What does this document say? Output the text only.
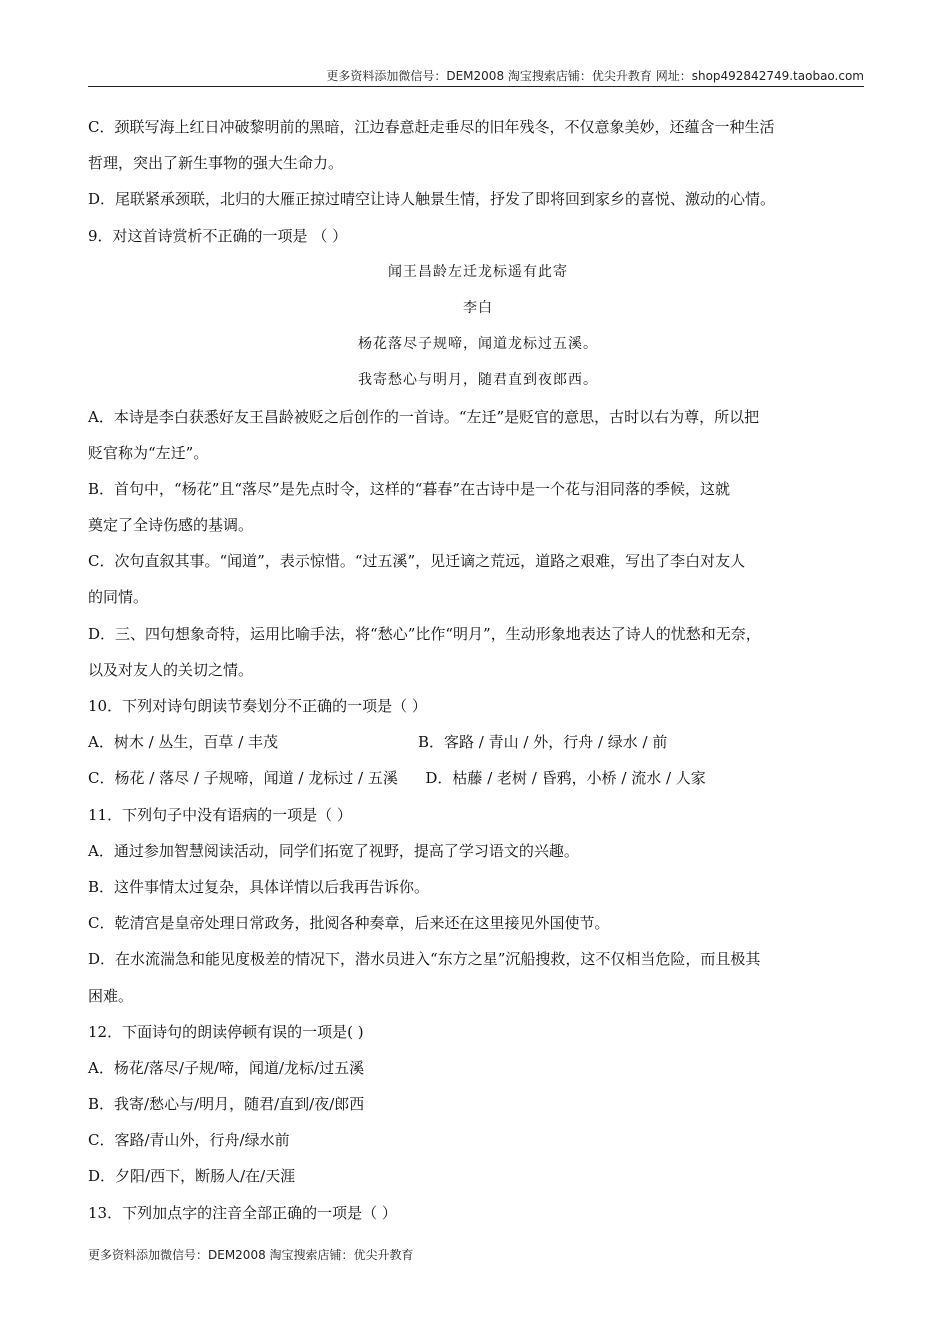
更多资料添加微信号：DEM2008 淘宝搜索店铺：优尖升教育 网址：shop492842749.taobao.com
C．颈联写海上红日冲破黎明前的黑暗，江边春意赶走垂尽的旧年残冬，不仅意象美妙，还蕴含一种生活
哲理，突出了新生事物的强大生命力。
D．尾联紧承颈联，北归的大雁正掠过晴空让诗人触景生情，抒发了即将回到家乡的喜悦、激动的心情。
9．对这首诗赏析不正确的一项是 （ ）
闻王昌龄左迁龙标遥有此寄
李白
杨花落尽子规啼，闻道龙标过五溪。
我寄愁心与明月，随君直到夜郎西。
A．本诗是李白获悉好友王昌龄被贬之后创作的一首诗。“左迁”是贬官的意思，古时以右为尊，所以把
贬官称为“左迁”。
B．首句中，“杨花”且“落尽”是先点时令，这样的“暮春”在古诗中是一个花与泪同落的季候，这就
奠定了全诗伤感的基调。
C．次句直叙其事。“闻道”，表示惊惜。“过五溪”，见迁谪之荒远，道路之艰难，写出了李白对友人
的同情。
D．三、四句想象奇特，运用比喻手法，将“愁心”比作“明月”，生动形象地表达了诗人的忧愁和无奈，
以及对友人的关切之情。
10．下列对诗句朗读节奏划分不正确的一项是（ ）
A．树木 / 丛生，百草 / 丰茂	B．客路 / 青山 / 外，行舟 / 绿水 / 前
C．杨花 / 落尽 / 子规啼，闻道 / 龙标过 / 五溪 D．枯藤 / 老树 / 昏鸦，小桥 / 流水 / 人家
11．下列句子中没有语病的一项是（ ）
A．通过参加智慧阅读活动，同学们拓宽了视野，提高了学习语文的兴趣。
B．这件事情太过复杂，具体详情以后我再告诉你。
C．乾清宫是皇帝处理日常政务，批阅各种奏章，后来还在这里接见外国使节。
D．在水流湍急和能见度极差的情况下，潜水员进入“东方之星”沉船搜救，这不仅相当危险，而且极其
困难。
12．下面诗句的朗读停顿有误的一项是( )
A．杨花/落尽/子规/啼，闻道/龙标/过五溪
B．我寄/愁心与/明月，随君/直到/夜/郎西
C．客路/青山外，行舟/绿水前
D．夕阳/西下，断肠人/在/天涯
13．下列加点字的注音全部正确的一项是（ ）
更多资料添加微信号：DEM2008 淘宝搜索店铺：优尖升教育
